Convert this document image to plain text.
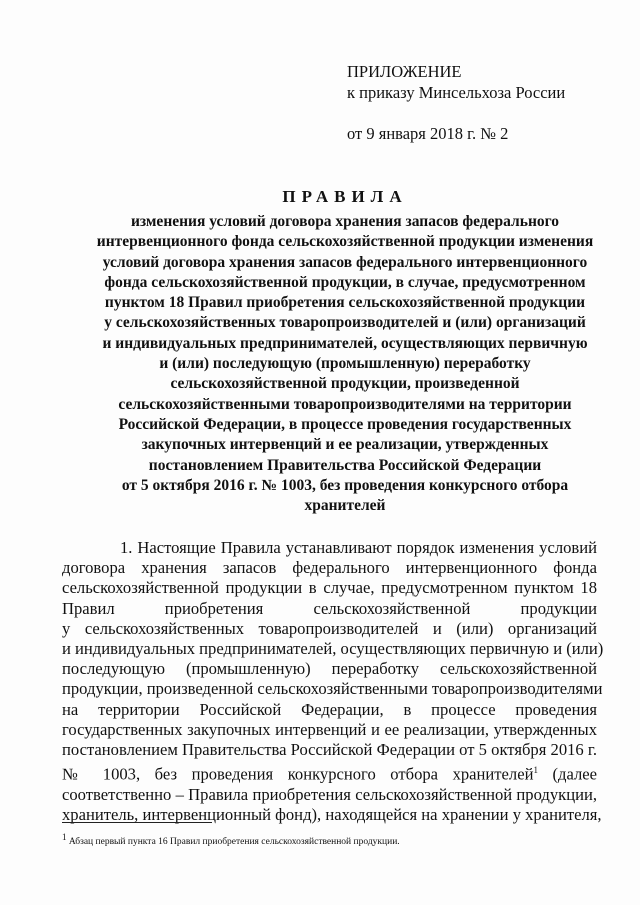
ПРИЛОЖЕНИЕ
к приказу Минсельхоза России
от 9 января 2018 г. № 2
ПРАВИЛА
изменения условий договора хранения запасов федерального
интервенционного фонда сельскохозяйственной продукции изменения
условий договора хранения запасов федерального интервенционного
фонда сельскохозяйственной продукции, в случае, предусмотренном
пунктом 18 Правил приобретения сельскохозяйственной продукции
у сельскохозяйственных товаропроизводителей и (или) организаций
и индивидуальных предпринимателей, осуществляющих первичную
и (или) последующую (промышленную) переработку
сельскохозяйственной продукции, произведенной
сельскохозяйственными товаропроизводителями на территории
Российской Федерации, в процессе проведения государственных
закупочных интервенций и ее реализации, утвержденных
постановлением Правительства Российской Федерации
от 5 октября 2016 г. № 1003, без проведения конкурсного отбора
хранителей
1. Настоящие Правила устанавливают порядок изменения условий
договора хранения запасов федерального интервенционного фонда
сельскохозяйственной продукции в случае, предусмотренном пунктом 18
Правил приобретения сельскохозяйственной продукции
у сельскохозяйственных товаропроизводителей и (или) организаций
и индивидуальных предпринимателей, осуществляющих первичную и (или)
последующую (промышленную) переработку сельскохозяйственной
продукции, произведенной сельскохозяйственными товаропроизводителями
на территории Российской Федерации, в процессе проведения
государственных закупочных интервенций и ее реализации, утвержденных
постановлением Правительства Российской Федерации от 5 октября 2016 г.
№ 1003, без проведения конкурсного отбора хранителей$^1$ (далее
соответственно – Правила приобретения сельскохозяйственной продукции,
хранитель, интервенционный фонд), находящейся на хранении у хранителя,
$^1$ Абзац первый пункта 16 Правил приобретения сельскохозяйственной продукции.
